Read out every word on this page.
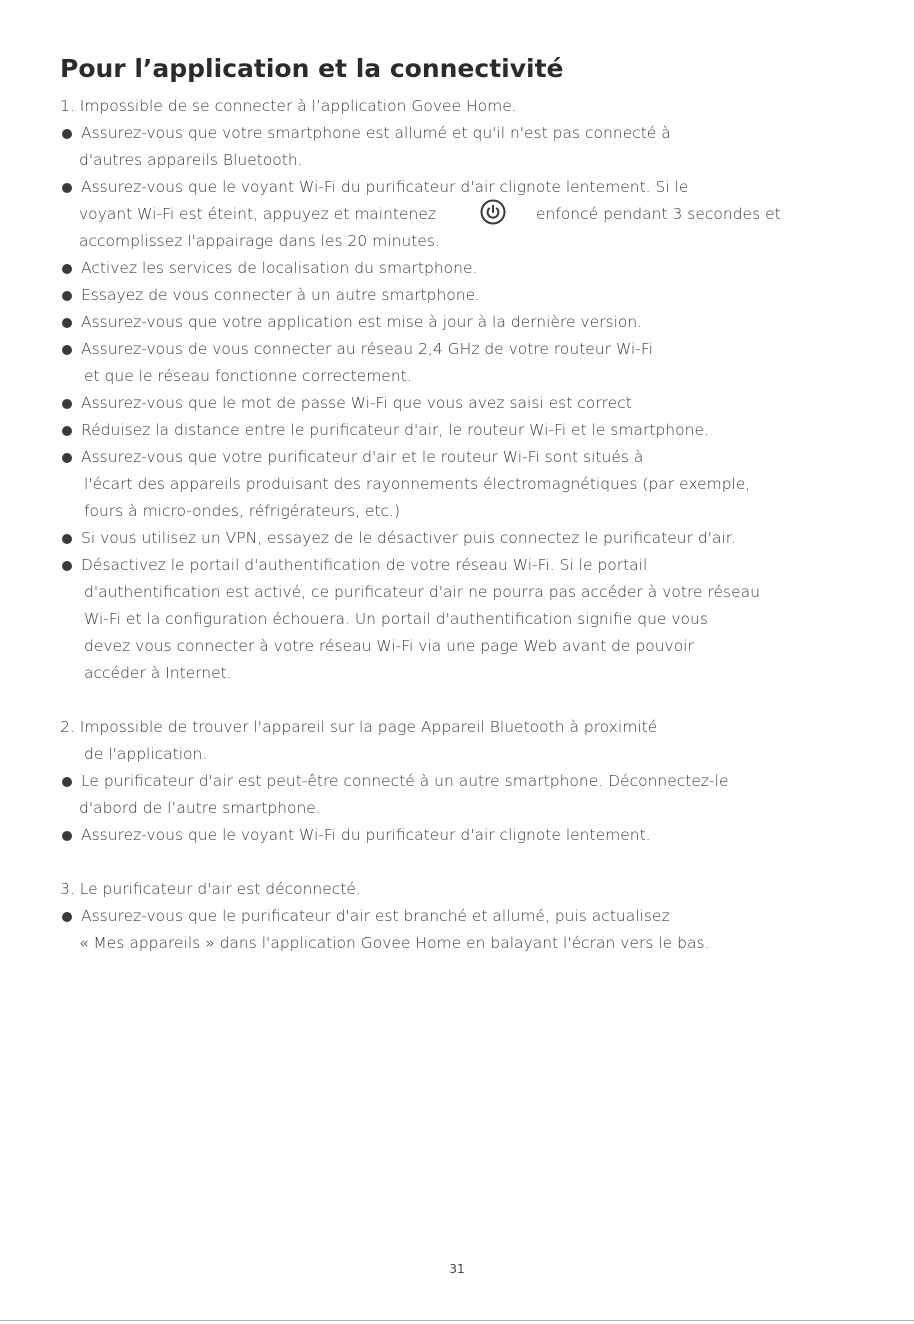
Pour l’application et la connectivité
1. Impossible de se connecter à l’application Govee Home.
Assurez-vous que votre smartphone est allumé et qu'il n'est pas connecté à
d'autres appareils Bluetooth.
Assurez-vous que le voyant Wi-Fi du purificateur d'air clignote lentement. Si le
voyant Wi-Fi est éteint, appuyez et maintenez	enfoncé pendant 3 secondes et
accomplissez l'appairage dans les 20 minutes.
Activez les services de localisation du smartphone.
Essayez de vous connecter à un autre smartphone.
Assurez-vous que votre application est mise à jour à la dernière version.
Assurez-vous de vous connecter au réseau 2,4 GHz de votre routeur Wi-Fi
et que le réseau fonctionne correctement.
Assurez-vous que le mot de passe Wi-Fi que vous avez saisi est correct
Réduisez la distance entre le purificateur d'air, le routeur Wi-Fi et le smartphone.
Assurez-vous que votre purificateur d'air et le routeur Wi-Fi sont situés à
l'écart des appareils produisant des rayonnements électromagnétiques (par exemple,
fours à micro-ondes, réfrigérateurs, etc.)
Si vous utilisez un VPN, essayez de le désactiver puis connectez le purificateur d'air.
Désactivez le portail d'authentification de votre réseau Wi-Fi. Si le portail
d'authentification est activé, ce purificateur d'air ne pourra pas accéder à votre réseau
Wi-Fi et la configuration échouera. Un portail d'authentification signifie que vous
devez vous connecter à votre réseau Wi-Fi via une page Web avant de pouvoir
accéder à Internet.
2. Impossible de trouver l'appareil sur la page Appareil Bluetooth à proximité
de l'application.
Le purificateur d'air est peut-être connecté à un autre smartphone. Déconnectez-le
d'abord de l’autre smartphone.
Assurez-vous que le voyant Wi-Fi du purificateur d'air clignote lentement.
3. Le purificateur d'air est déconnecté.
Assurez-vous que le purificateur d'air est branché et allumé, puis actualisez
« Mes appareils » dans l'application Govee Home en balayant l'écran vers le bas.
31
